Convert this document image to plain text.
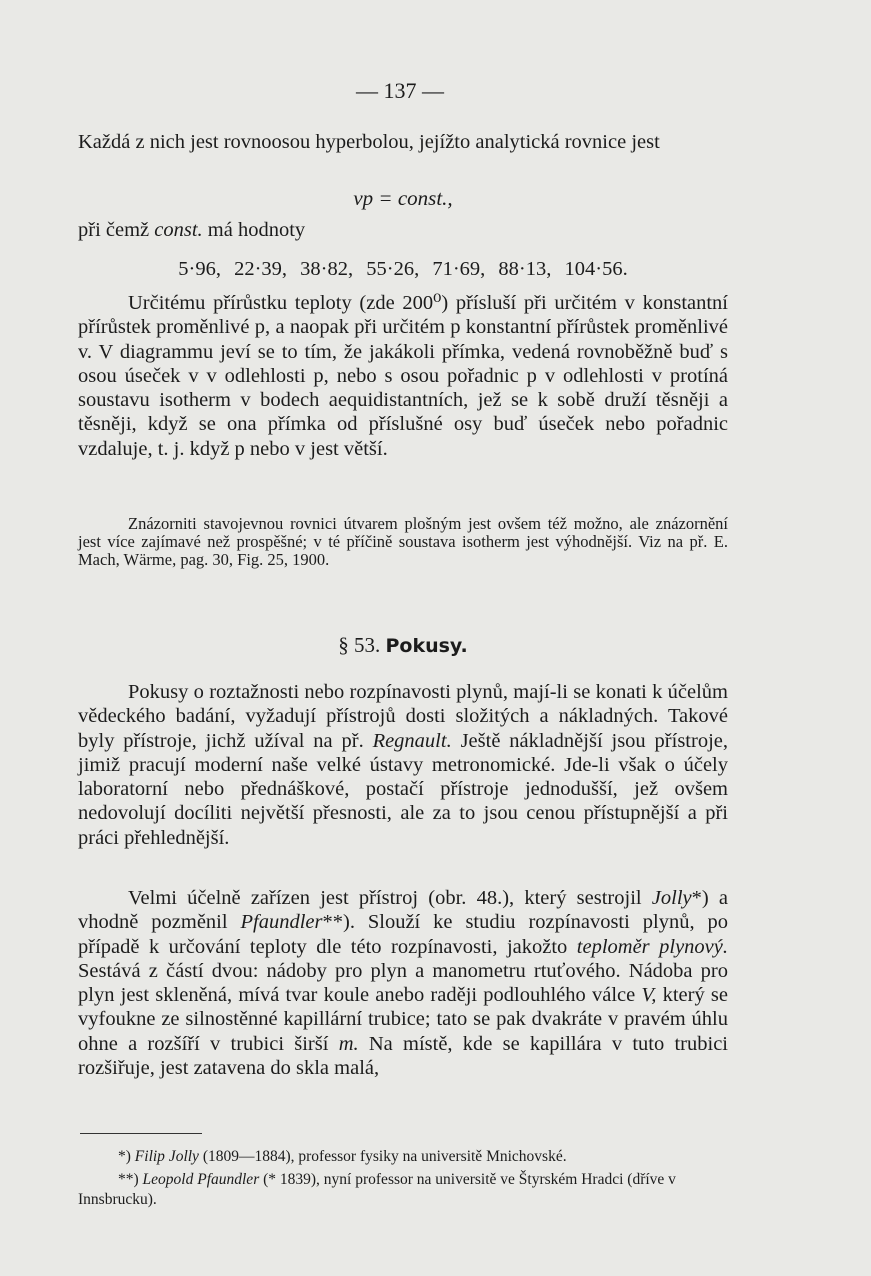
— 137 —

Každá z nich jest rovnoosou hyperbolou, jejížto analytická rovnice jest

vp = const.,
při čemž const. má hodnoty
5·96, 22·39, 38·82, 55·26, 71·69, 88·13, 104·56.
Určitému přírůstku teploty (zde 200⁰) přísluší při určitém v konstantní přírůstek proměnlivé p, a naopak při určitém p konstantní přírůstek proměnlivé v. V diagrammu jeví se to tím, že jakákoli přímka, vedená rovnoběžně buď s osou úseček v v odlehlosti p, nebo s osou pořadnic p v odlehlosti v protíná soustavu isotherm v bodech aequidistantních, jež se k sobě druží těsněji a těsněji, když se ona přímka od příslušné osy buď úseček nebo pořadnic vzdaluje, t. j. když p nebo v jest větší.
Znázorniti stavojevnou rovnici útvarem plošným jest ovšem též možno, ale znázornění jest více zajímavé než prospěšné; v té příčině soustava isotherm jest výhodnější. Viz na př. E. Mach, Wärme, pag. 30, Fig. 25, 1900.
§ 53. Pokusy.
Pokusy o roztažnosti nebo rozpínavosti plynů, mají-li se konati k účelům vědeckého badání, vyžadují přístrojů dosti složitých a nákladných. Takové byly přístroje, jichž užíval na př. Regnault. Ještě nákladnější jsou přístroje, jimiž pracují moderní naše velké ústavy metronomické. Jde-li však o účely laboratorní nebo přednáškové, postačí přístroje jednodušší, jež ovšem nedovolují docíliti největší přesnosti, ale za to jsou cenou přístupnější a při práci přehlednější.
Velmi účelně zařízen jest přístroj (obr. 48.), který sestrojil Jolly*) a vhodně pozměnil Pfaundler**). Slouží ke studiu rozpínavosti plynů, po případě k určování teploty dle této rozpínavosti, jakožto teploměr plynový. Sestává z částí dvou: nádoby pro plyn a manometru rtuťového. Nádoba pro plyn jest skleněná, mívá tvar koule anebo raději podlouhlého válce V, který se vyfoukne ze silnostěnné kapillární trubice; tato se pak dvakráte v pravém úhlu ohne a rozšíří v trubici širší m. Na místě, kde se kapillára v tuto trubici rozšiřuje, jest zatavena do skla malá,
*) Filip Jolly (1809—1884), professor fysiky na universitě Mnichovské.
**) Leopold Pfaundler (* 1839), nyní professor na universitě ve Štyrském Hradci (dříve v Innsbrucku).
